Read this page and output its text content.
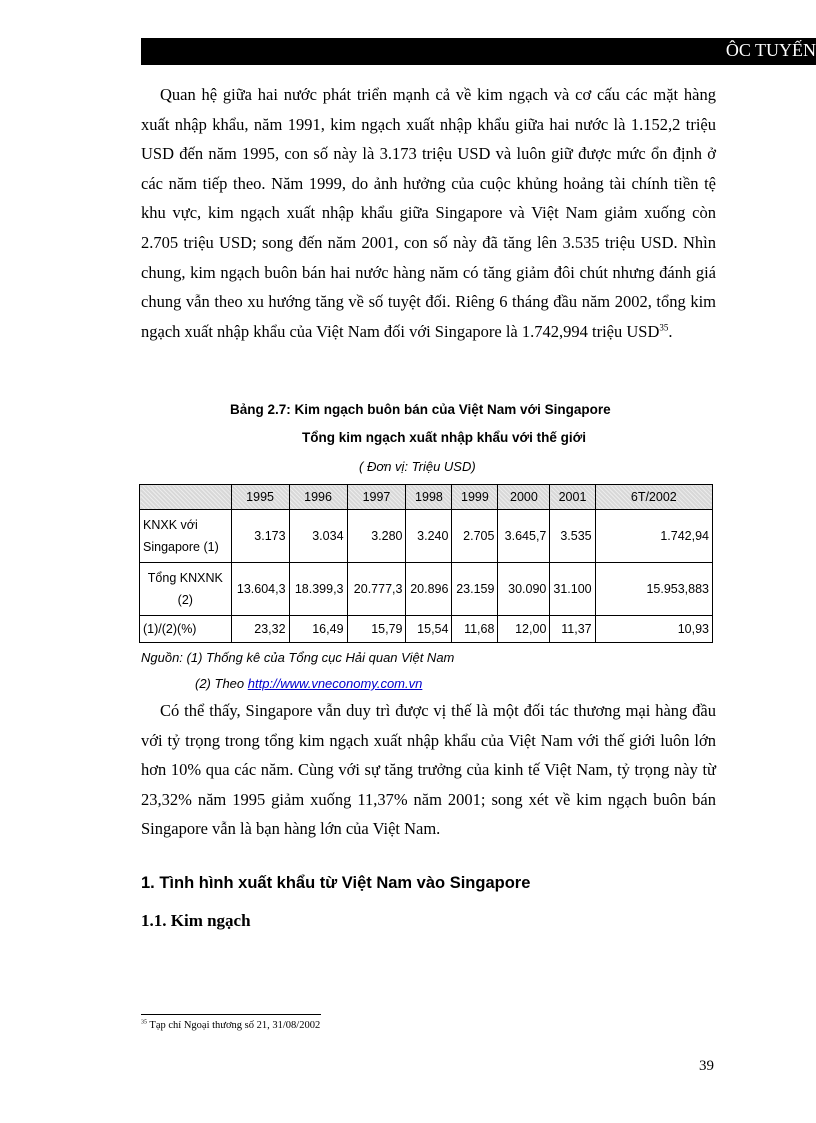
ÔC TUYẾN

Quan hệ giữa hai nước phát triển mạnh cả về kim ngạch và cơ cấu các mặt hàng xuất nhập khẩu, năm 1991, kim ngạch xuất nhập khẩu giữa hai nước là 1.152,2 triệu USD đến năm 1995, con số này là 3.173 triệu USD và luôn giữ được mức ổn định ở các năm tiếp theo. Năm 1999, do ảnh hưởng của cuộc khủng hoảng tài chính tiền tệ khu vực, kim ngạch xuất nhập khẩu giữa Singapore và Việt Nam giảm xuống còn 2.705 triệu USD; song đến năm 2001, con số này đã tăng lên 3.535 triệu USD. Nhìn chung, kim ngạch buôn bán hai nước hàng năm có tăng giảm đôi chút nhưng đánh giá chung vẫn theo xu hướng tăng về số tuyệt đối. Riêng 6 tháng đầu năm 2002, tổng kim ngạch xuất nhập khẩu của Việt Nam đối với Singapore là 1.742,994 triệu USD$^{35}$.

Bảng 2.7: Kim ngạch buôn bán của Việt Nam với Singapore
Tổng kim ngạch xuất nhập khẩu với thế giới
( Đơn vị: Triệu USD)
	1995	1996	1997	1998	1999	2000	2001	6T/2002

KNXK với
Singapore (1)	3.173	3.034	3.280	3.240	2.705	3.645,7	3.535	1.742,94

Tổng KNXNK
(2)	13.604,3	18.399,3	20.777,3	20.896	23.159	30.090	31.100	15.953,883
(1)/(2)(%)	23,32	16,49	15,79	15,54	11,68	12,00	11,37	10,93
Nguồn: (1) Thống kê của Tổng cục Hải quan Việt Nam
(2) Theo http://www.vneconomy.com.vn

Có thể thấy, Singapore vẫn duy trì được vị thế là một đối tác thương mại hàng đầu với tỷ trọng trong tổng kim ngạch xuất nhập khẩu của Việt Nam với thế giới luôn lớn hơn 10% qua các năm. Cùng với sự tăng trưởng của kinh tế Việt Nam, tỷ trọng này từ 23,32% năm 1995 giảm xuống 11,37% năm 2001; song xét về kim ngạch buôn bán Singapore vẫn là bạn hàng lớn của Việt Nam.

1. Tình hình xuất khẩu từ Việt Nam vào Singapore
1.1. Kim ngạch
$^{35}$ Tạp chí Ngoại thương số 21, 31/08/2002
39
